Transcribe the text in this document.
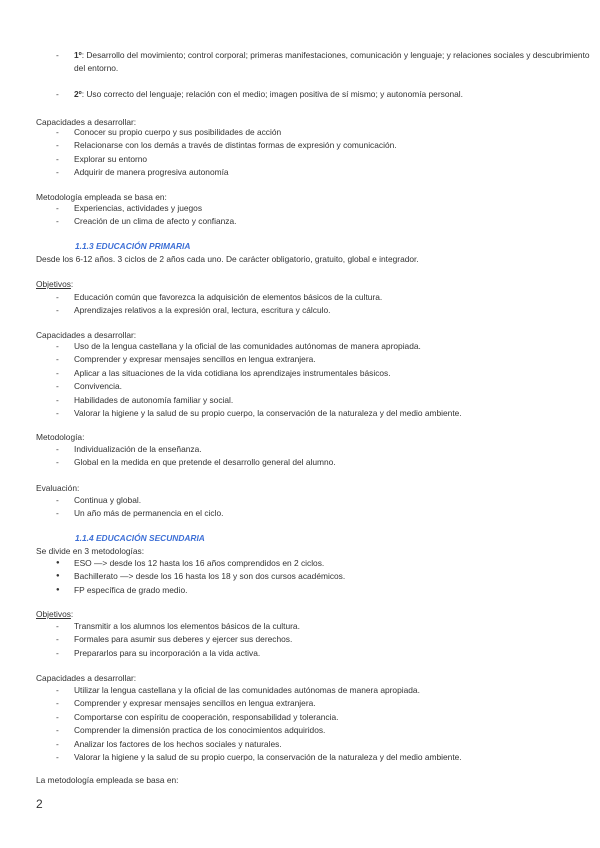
- 1º: Desarrollo del movimiento; control corporal; primeras manifestaciones, comunicación y lenguaje; y relaciones sociales y descubrimiento del entorno.
- 2º: Uso correcto del lenguaje; relación con el medio; imagen positiva de sí mismo; y autonomía personal.
Capacidades a desarrollar:
- Conocer su propio cuerpo y sus posibilidades de acción
- Relacionarse con los demás a través de distintas formas de expresión y comunicación.
- Explorar su entorno
- Adquirir de manera progresiva autonomía
Metodología empleada se basa en:
- Experiencias, actividades y juegos
- Creación de un clima de afecto y confianza.
1.1.3 EDUCACIÓN PRIMARIA
Desde los 6-12 años. 3 ciclos de 2 años cada uno. De carácter obligatorio, gratuito, global e integrador.
Objetivos:
- Educación común que favorezca la adquisición de elementos básicos de la cultura.
- Aprendizajes relativos a la expresión oral, lectura, escritura y cálculo.
Capacidades a desarrollar:
- Uso de la lengua castellana y la oficial de las comunidades autónomas de manera apropiada.
- Comprender y expresar mensajes sencillos en lengua extranjera.
- Aplicar a las situaciones de la vida cotidiana los aprendizajes instrumentales básicos.
- Convivencia.
- Habilidades de autonomía familiar y social.
- Valorar la higiene y la salud de su propio cuerpo, la conservación de la naturaleza y del medio ambiente.
Metodología:
- Individualización de la enseñanza.
- Global en la medida en que pretende el desarrollo general del alumno.
Evaluación:
- Continua y global.
- Un año más de permanencia en el ciclo.
1.1.4 EDUCACIÓN SECUNDARIA
Se divide en 3 metodologías:
● ESO —> desde los 12 hasta los 16 años comprendidos en 2 ciclos.
● Bachillerato —> desde los 16 hasta los 18 y son dos cursos académicos.
● FP específica de grado medio.
Objetivos:
- Transmitir a los alumnos los elementos básicos de la cultura.
- Formales para asumir sus deberes y ejercer sus derechos.
- Prepararlos para su incorporación a la vida activa.
Capacidades a desarrollar:
- Utilizar la lengua castellana y la oficial de las comunidades autónomas de manera apropiada.
- Comprender y expresar mensajes sencillos en lengua extranjera.
- Comportarse con espíritu de cooperación, responsabilidad y tolerancia.
- Comprender la dimensión practica de los conocimientos adquiridos.
- Analizar los factores de los hechos sociales y naturales.
- Valorar la higiene y la salud de su propio cuerpo, la conservación de la naturaleza y del medio ambiente.
La metodología empleada se basa en:
2
